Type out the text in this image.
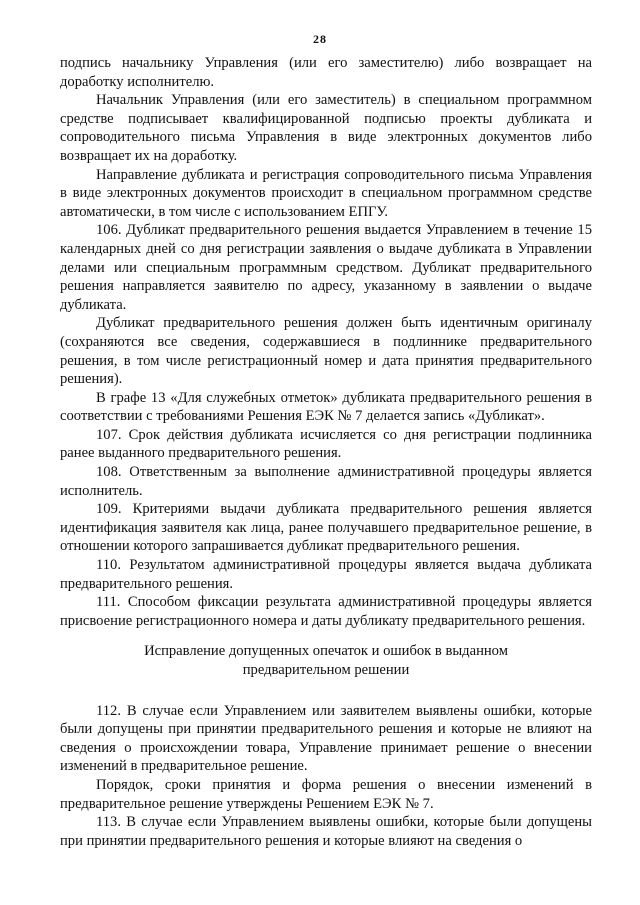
28

подпись начальнику Управления (или его заместителю) либо возвращает на доработку исполнителю.

Начальник Управления (или его заместитель) в специальном программном средстве подписывает квалифицированной подписью проекты дубликата и сопроводительного письма Управления в виде электронных документов либо возвращает их на доработку.

Направление дубликата и регистрация сопроводительного письма Управления в виде электронных документов происходит в специальном программном средстве автоматически, в том числе с использованием ЕПГУ.

106. Дубликат предварительного решения выдается Управлением в течение 15 календарных дней со дня регистрации заявления о выдаче дубликата в Управлении делами или специальным программным средством. Дубликат предварительного решения направляется заявителю по адресу, указанному в заявлении о выдаче дубликата.

Дубликат предварительного решения должен быть идентичным оригиналу (сохраняются все сведения, содержавшиеся в подлиннике предварительного решения, в том числе регистрационный номер и дата принятия предварительного решения).

В графе 13 «Для служебных отметок» дубликата предварительного решения в соответствии с требованиями Решения ЕЭК № 7 делается запись «Дубликат».

107. Срок действия дубликата исчисляется со дня регистрации подлинника ранее выданного предварительного решения.

108. Ответственным за выполнение административной процедуры является исполнитель.

109. Критериями выдачи дубликата предварительного решения является идентификация заявителя как лица, ранее получавшего предварительное решение, в отношении которого запрашивается дубликат предварительного решения.

110. Результатом административной процедуры является выдача дубликата предварительного решения.

111. Способом фиксации результата административной процедуры является присвоение регистрационного номера и даты дубликату предварительного решения.

Исправление допущенных опечаток и ошибок в выданном
предварительном решении

112. В случае если Управлением или заявителем выявлены ошибки, которые были допущены при принятии предварительного решения и которые не влияют на сведения о происхождении товара, Управление принимает решение о внесении изменений в предварительное решение.

Порядок, сроки принятия и форма решения о внесении изменений в предварительное решение утверждены Решением ЕЭК № 7.

113. В случае если Управлением выявлены ошибки, которые были допущены при принятии предварительного решения и которые влияют на сведения о
